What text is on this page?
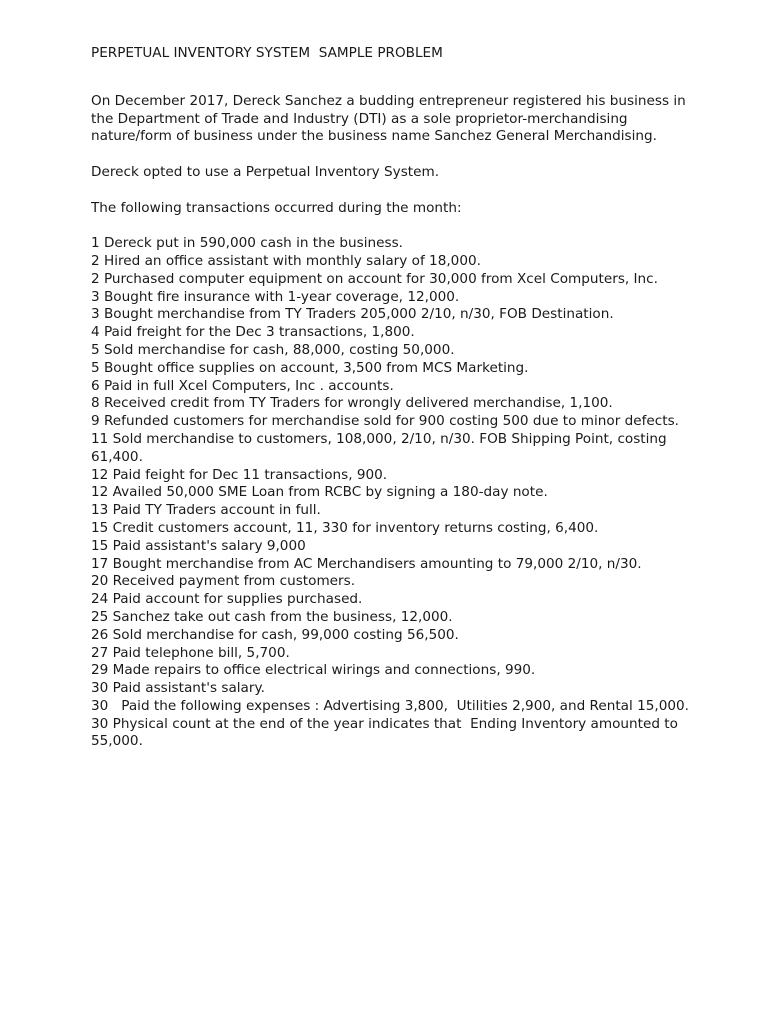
PERPETUAL INVENTORY SYSTEM  SAMPLE PROBLEM

On December 2017, Dereck Sanchez a budding entrepreneur registered his business in

the Department of Trade and Industry (DTI) as a sole proprietor-merchandising

nature/form of business under the business name Sanchez General Merchandising.

Dereck opted to use a Perpetual Inventory System.

The following transactions occurred during the month:

1 Dereck put in 590,000 cash in the business.
2 Hired an office assistant with monthly salary of 18,000.
2 Purchased computer equipment on account for 30,000 from Xcel Computers, Inc.
3 Bought fire insurance with 1-year coverage, 12,000.
3 Bought merchandise from TY Traders 205,000 2/10, n/30, FOB Destination.
4 Paid freight for the Dec 3 transactions, 1,800.
5 Sold merchandise for cash, 88,000, costing 50,000.
5 Bought office supplies on account, 3,500 from MCS Marketing.
6 Paid in full Xcel Computers, Inc . accounts.
8 Received credit from TY Traders for wrongly delivered merchandise, 1,100.
9 Refunded customers for merchandise sold for 900 costing 500 due to minor defects.
11 Sold merchandise to customers, 108,000, 2/10, n/30. FOB Shipping Point, costing 61,400.
12 Paid feight for Dec 11 transactions, 900.
12 Availed 50,000 SME Loan from RCBC by signing a 180-day note.
13 Paid TY Traders account in full.
15 Credit customers account, 11, 330 for inventory returns costing, 6,400.
15 Paid assistant's salary 9,000
17 Bought merchandise from AC Merchandisers amounting to 79,000 2/10, n/30.
20 Received payment from customers.
24 Paid account for supplies purchased.
25 Sanchez take out cash from the business, 12,000.
26 Sold merchandise for cash, 99,000 costing 56,500.
27 Paid telephone bill, 5,700.
29 Made repairs to office electrical wirings and connections, 990.
30 Paid assistant's salary.
30   Paid the following expenses : Advertising 3,800,  Utilities 2,900, and Rental 15,000.
30 Physical count at the end of the year indicates that  Ending Inventory amounted to 55,000.
